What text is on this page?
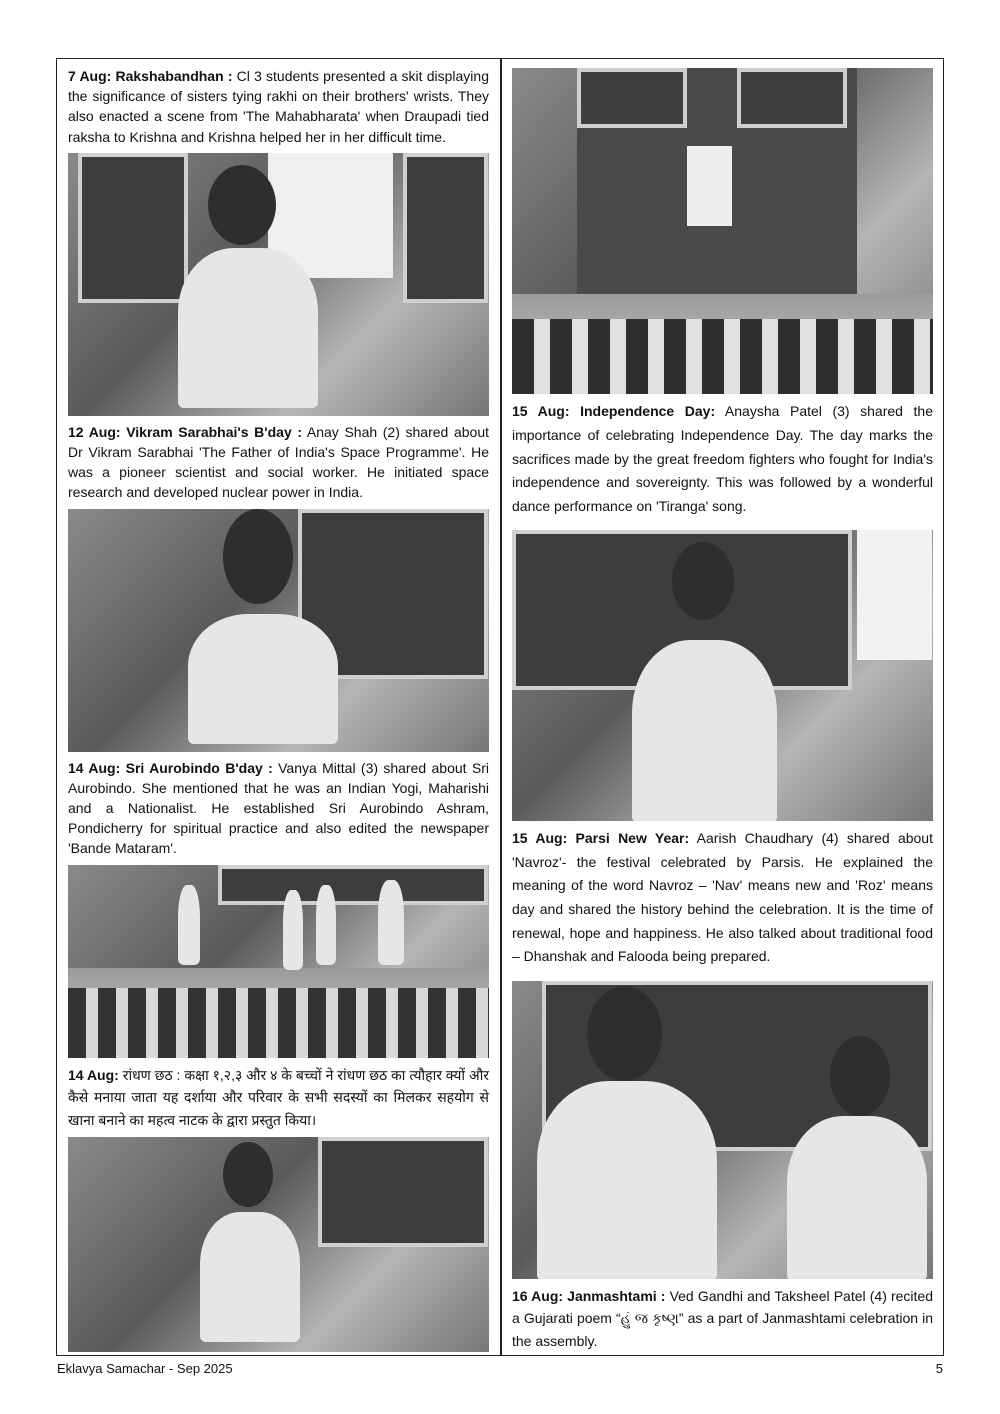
7 Aug: Rakshabandhan : Cl 3 students presented a skit displaying the significance of sisters tying rakhi on their brothers' wrists. They also enacted a scene from 'The Mahabharata' when Draupadi tied raksha to Krishna and Krishna helped her in her difficult time.
12 Aug: Vikram Sarabhai's B'day : Anay Shah (2) shared about Dr Vikram Sarabhai 'The Father of India's Space Programme'. He was a pioneer scientist and social worker. He initiated space research and developed nuclear power in India.
14 Aug: Sri Aurobindo B'day : Vanya Mittal (3) shared about Sri Aurobindo. She mentioned that he was an Indian Yogi, Maharishi and a Nationalist. He established Sri Aurobindo Ashram, Pondicherry for spiritual practice and also edited the newspaper 'Bande Mataram'.
14 Aug: रांधण छठ : कक्षा १,२,३ और ४ के बच्चों ने रांधण छठ का त्यौहार क्यों और कैसे मनाया जाता यह दर्शाया और परिवार के सभी सदस्यों का मिलकर सहयोग से खाना बनाने का महत्व नाटक के द्वारा प्रस्तुत किया।
15 Aug: Independence Day: Anaysha Patel (3) shared the importance of celebrating Independence Day. The day marks the sacrifices made by the great freedom fighters who fought for India's independence and sovereignty. This was followed by a wonderful dance performance on 'Tiranga' song.
15 Aug: Parsi New Year: Aarish Chaudhary (4) shared about 'Navroz'- the festival celebrated by Parsis. He explained the meaning of the word Navroz – 'Nav' means new and 'Roz' means day and shared the history behind the celebration. It is the time of renewal, hope and happiness. He also talked about traditional food – Dhanshak and Falooda being prepared.
16 Aug: Janmashtami : Ved Gandhi and Taksheel Patel (4) recited a Gujarati poem “હું જ કૃષ્ણ” as a part of Janmashtami celebration in the assembly.
Eklavya Samachar - Sep 2025	5
